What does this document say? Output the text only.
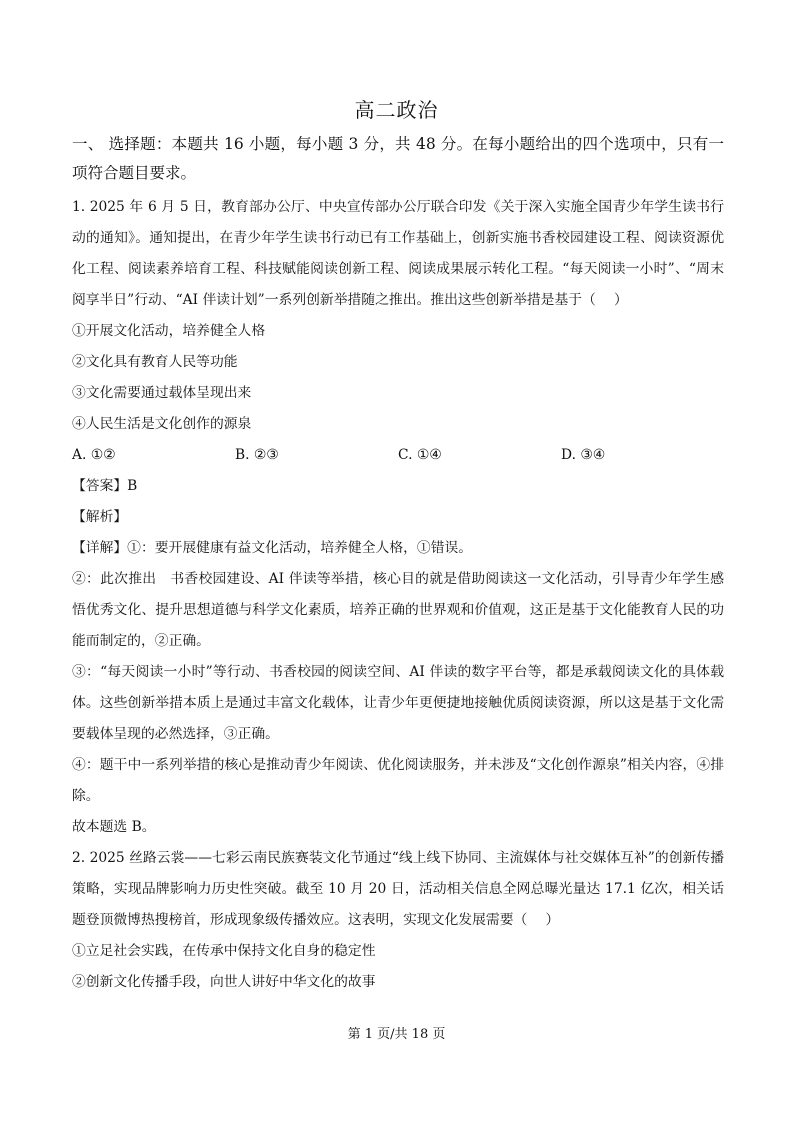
高二政治

一、 选择题：本题共 16 小题，每小题 3 分，共 48 分。在每小题给出的四个选项中，只有一项符合题目要求。

1. 2025 年 6 月 5 日，教育部办公厅、中央宣传部办公厅联合印发《关于深入实施全国青少年学生读书行动的通知》。通知提出，在青少年学生读书行动已有工作基础上，创新实施书香校园建设工程、阅读资源优化工程、阅读素养培育工程、科技赋能阅读创新工程、阅读成果展示转化工程。“每天阅读一小时”、“周末阅享半日”行动、“AI 伴读计划”一系列创新举措随之推出。推出这些创新举措是基于（　 ）

①开展文化活动，培养健全人格

②文化具有教育人民等功能

③文化需要通过载体呈现出来

④人民生活是文化创作的源泉

A. ①②	B. ②③	C. ①④	D. ③④

【答案】B

【解析】

【详解】①：要开展健康有益文化活动，培养健全人格，①错误。

②：此次推出　书香校园建设、AI 伴读等举措，核心目的就是借助阅读这一文化活动，引导青少年学生感悟优秀文化、提升思想道德与科学文化素质，培养正确的世界观和价值观，这正是基于文化能教育人民的功能而制定的，②正确。

③：“每天阅读一小时”等行动、书香校园的阅读空间、AI 伴读的数字平台等，都是承载阅读文化的具体载体。这些创新举措本质上是通过丰富文化载体，让青少年更便捷地接触优质阅读资源，所以这是基于文化需要载体呈现的必然选择，③正确。

④：题干中一系列举措的核心是推动青少年阅读、优化阅读服务，并未涉及“文化创作源泉”相关内容，④排除。

故本题选 B。

2. 2025 丝路云裳——七彩云南民族赛装文化节通过“线上线下协同、主流媒体与社交媒体互补”的创新传播策略，实现品牌影响力历史性突破。截至 10 月 20 日，活动相关信息全网总曝光量达 17.1 亿次，相关话题登顶微博热搜榜首，形成现象级传播效应。这表明，实现文化发展需要（　 ）

①立足社会实践，在传承中保持文化自身的稳定性

②创新文化传播手段，向世人讲好中华文化的故事

第 1 页/共 18 页
